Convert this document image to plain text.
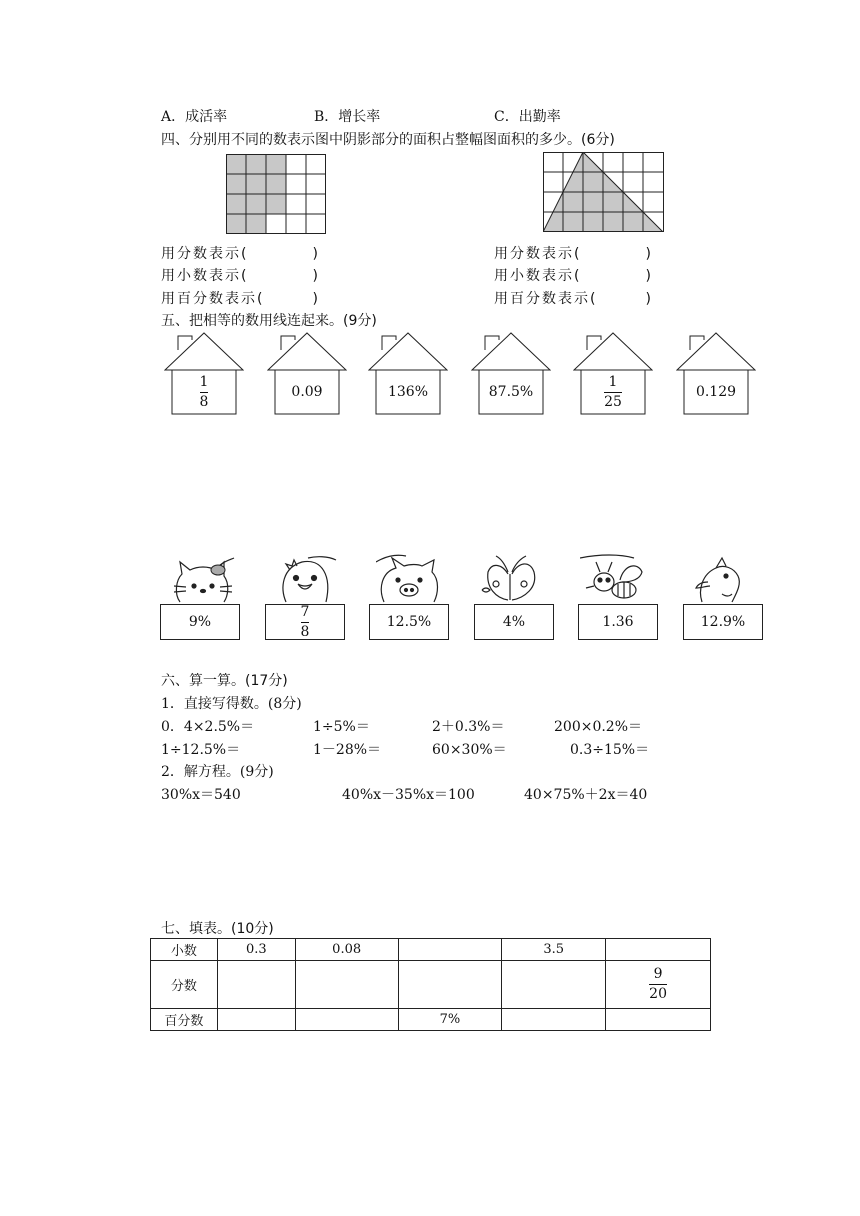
A．成活率	B．增长率	C．出勤率
四、分别用不同的数表示图中阴影部分的面积占整幅图面积的多少。(6分)
用分数表示(　　　　)
用小数表示(　　　　)
用百分数表示(　　　)
用分数表示(　　　　)
用小数表示(　　　　)
用百分数表示(　　　)
五、把相等的数用线连起来。(9分)
$\frac{1}{8}$	0.09	136%	87.5%	$\frac{1}{25}$	0.129
9%	$\frac{7}{8}$	12.5%	4%	1.36	12.9%
六、算一算。(17分)
1．直接写得数。(8分)
0．4×2.5%＝	1÷5%＝	2＋0.3%＝	200×0.2%＝
1÷12.5%＝	1－28%＝	60×30%＝	0.3÷15%＝
2．解方程。(9分)
30%x＝540	40%x－35%x＝100	40×75%＋2x＝40
七、填表。(10分)
小数	0.3	0.08		3.5	
分数					$\frac{9}{20}$

百分数			7%		
